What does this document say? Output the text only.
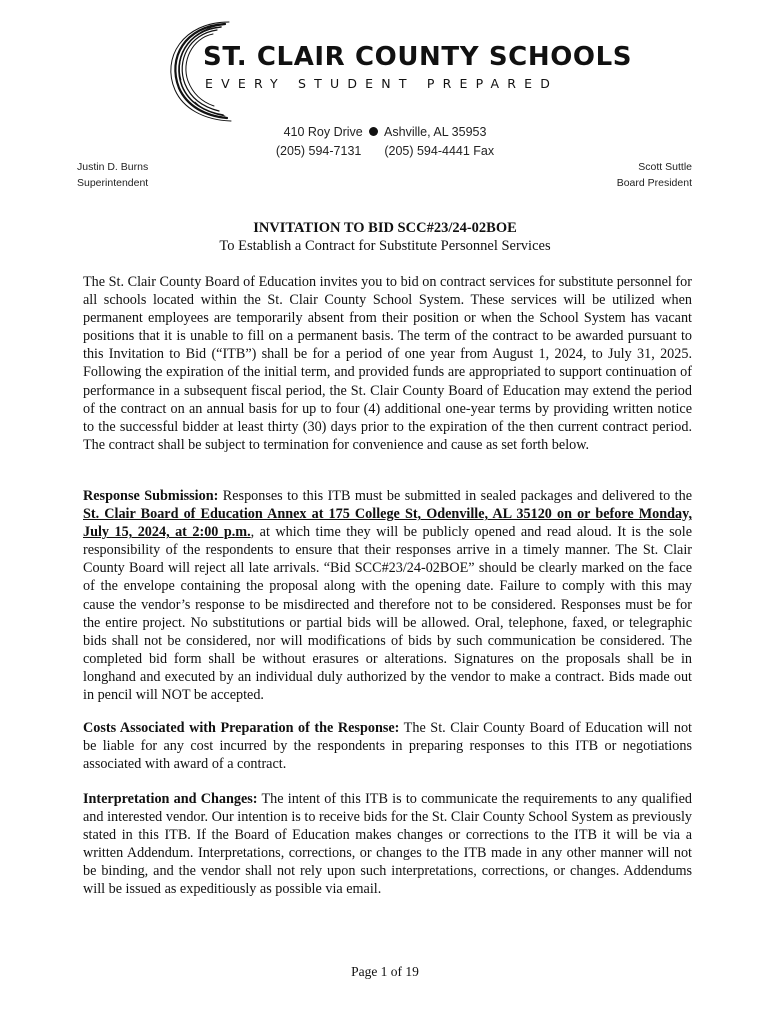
ST. CLAIR COUNTY SCHOOLS
EVERY STUDENT PREPARED
410 Roy Drive Ashville, AL 35953
(205) 594-7131 (205) 594-4441 Fax
Justin D. Burns
Superintendent
Scott Suttle
Board President
INVITATION TO BID SCC#23/24-02BOE
To Establish a Contract for Substitute Personnel Services

The St. Clair County Board of Education invites you to bid on contract services for substitute personnel for all schools located within the St. Clair County School System. These services will be utilized when permanent employees are temporarily absent from their position or when the School System has vacant positions that it is unable to fill on a permanent basis. The term of the contract to be awarded pursuant to this Invitation to Bid (“ITB”) shall be for a period of one year from August 1, 2024, to July 31, 2025. Following the expiration of the initial term, and provided funds are appropriated to support continuation of performance in a subsequent fiscal period, the St. Clair County Board of Education may extend the period of the contract on an annual basis for up to four (4) additional one-year terms by providing written notice to the successful bidder at least thirty (30) days prior to the expiration of the then current contract period. The contract shall be subject to termination for convenience and cause as set forth below.

Response Submission: Responses to this ITB must be submitted in sealed packages and delivered to the St. Clair Board of Education Annex at 175 College St, Odenville, AL 35120 on or before Monday, July 15, 2024, at 2:00 p.m., at which time they will be publicly opened and read aloud. It is the sole responsibility of the respondents to ensure that their responses arrive in a timely manner. The St. Clair County Board will reject all late arrivals. “Bid SCC#23/24-02BOE” should be clearly marked on the face of the envelope containing the proposal along with the opening date. Failure to comply with this may cause the vendor’s response to be misdirected and therefore not to be considered. Responses must be for the entire project. No substitutions or partial bids will be allowed. Oral, telephone, faxed, or telegraphic bids shall not be considered, nor will modifications of bids by such communication be considered. The completed bid form shall be without erasures or alterations. Signatures on the proposals shall be in longhand and executed by an individual duly authorized by the vendor to make a contract. Bids made out in pencil will NOT be accepted.

Costs Associated with Preparation of the Response: The St. Clair County Board of Education will not be liable for any cost incurred by the respondents in preparing responses to this ITB or negotiations associated with award of a contract.

Interpretation and Changes: The intent of this ITB is to communicate the requirements to any qualified and interested vendor. Our intention is to receive bids for the St. Clair County School System as previously stated in this ITB. If the Board of Education makes changes or corrections to the ITB it will be via a written Addendum. Interpretations, corrections, or changes to the ITB made in any other manner will not be binding, and the vendor shall not rely upon such interpretations, corrections, or changes. Addendums will be issued as expeditiously as possible via email.

Page 1 of 19
